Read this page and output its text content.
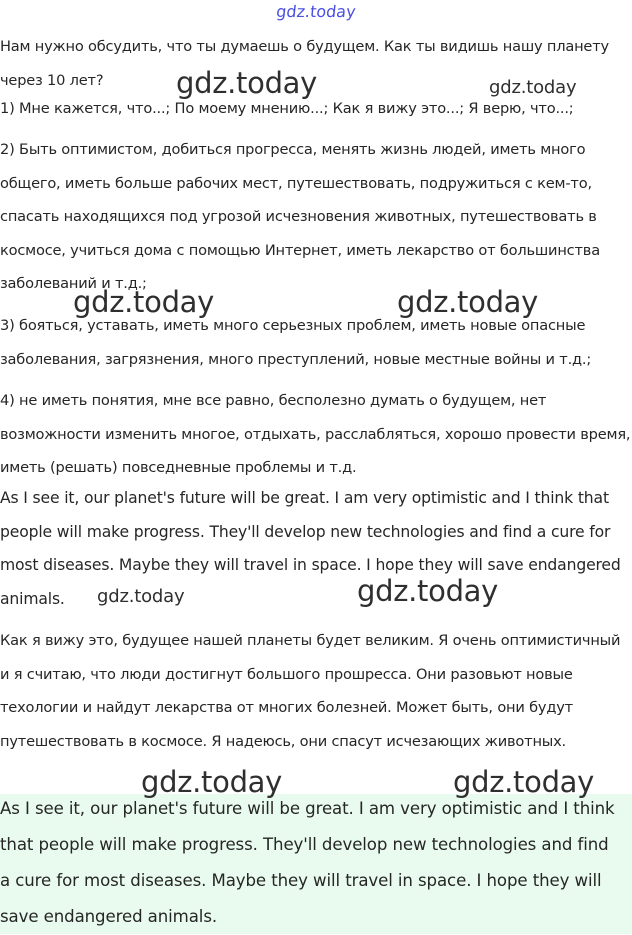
gdz.today

Нам нужно обсудить, что ты думаешь о будущем. Как ты видишь нашу планету через 10 лет?

1) Мне кажется, что...; По моему мнению...; Как я вижу это...; Я верю, что...;

2) Быть оптимистом, добиться прогресса, менять жизнь людей, иметь много общего, иметь больше рабочих мест, путешествовать, подружиться с кем-то, спасать находящихся под угрозой исчезновения животных, путешествовать в космосе, учиться дома с помощью Интернет, иметь лекарство от большинства заболеваний и т.д.;

3) бояться, уставать, иметь много серьезных проблем, иметь новые опасные заболевания, загрязнения, много преступлений, новые местные войны и т.д.;

4) не иметь понятия, мне все равно, бесполезно думать о будущем, нет возможности изменить многое, отдыхать, расслабляться, хорошо провести время, иметь (решать) повседневные проблемы и т.д.

As I see it, our planet's future will be great. I am very optimistic and I think that people will make progress. They'll develop new technologies and find a cure for most diseases. Maybe they will travel in space. I hope they will save endangered animals.

Как я вижу это, будущее нашей планеты будет великим. Я очень оптимистичный и я считаю, что люди достигнут большого прошресса. Они разовьют новые техологии и найдут лекарства от многих болезней. Может быть, они будут путешествовать в космосе. Я надеюсь, они спасут исчезающих животных.

As I see it, our planet's future will be great. I am very optimistic and I think that people will make progress. They'll develop new technologies and find a cure for most diseases. Maybe they will travel in space. I hope they will save endangered animals.

gdz.today	gdz.today
gdz.today	gdz.today
gdz.today	gdz.today
gdz.today	gdz.today
